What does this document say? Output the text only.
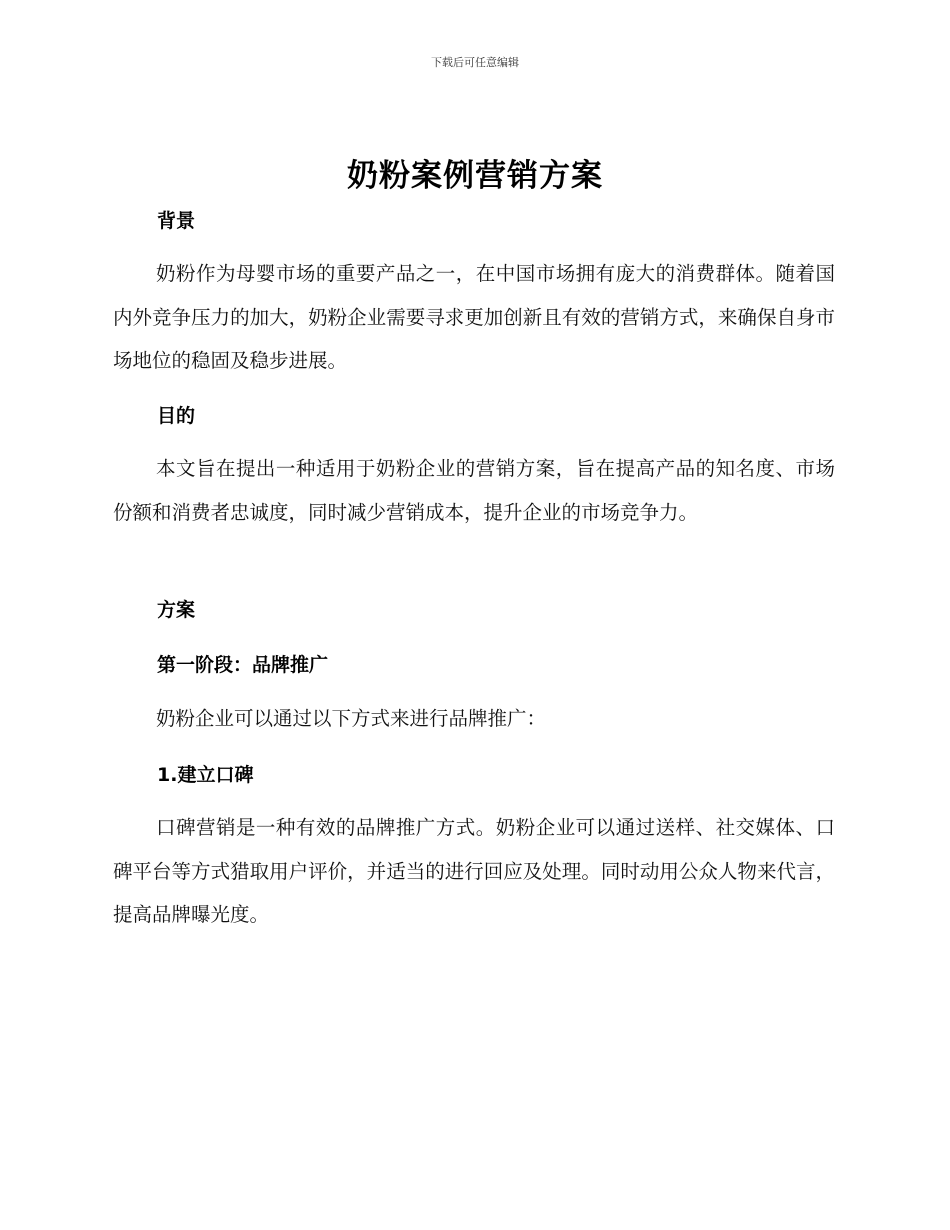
下载后可任意编辑
奶粉案例营销方案
背景

奶粉作为母婴市场的重要产品之一，在中国市场拥有庞大的消费群体。随着国内外竞争压力的加大，奶粉企业需要寻求更加创新且有效的营销方式，来确保自身市场地位的稳固及稳步进展。

目的

本文旨在提出一种适用于奶粉企业的营销方案，旨在提高产品的知名度、市场份额和消费者忠诚度，同时减少营销成本，提升企业的市场竞争力。

方案
第一阶段：品牌推广

奶粉企业可以通过以下方式来进行品牌推广：

1.建立口碑

口碑营销是一种有效的品牌推广方式。奶粉企业可以通过送样、社交媒体、口碑平台等方式猎取用户评价，并适当的进行回应及处理。同时动用公众人物来代言，提高品牌曝光度。
